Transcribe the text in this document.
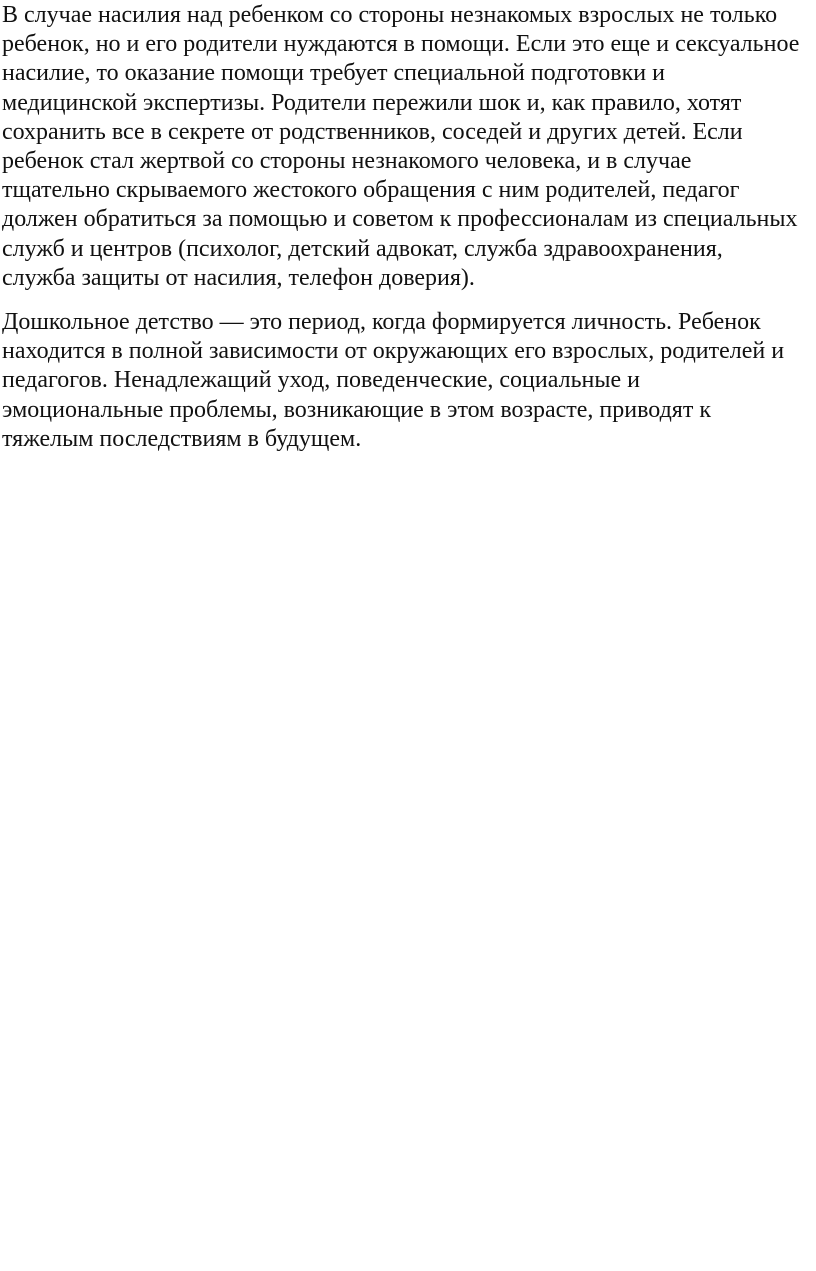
В случае насилия над ребенком со стороны незнакомых взрослых не только
ребенок, но и его родители нуждаются в помощи. Если это еще и сексуальное
насилие, то оказание помощи требует специальной подготовки и
медицинской экспертизы. Родители пережили шок и, как правило, хотят
сохранить все в секрете от родственников, соседей и других детей. Если
ребенок стал жертвой со стороны незнакомого человека, и в случае
тщательно скрываемого жестокого обращения с ним родителей, педагог
должен обратиться за помощью и советом к профессионалам из специальных
служб и центров (психолог, детский адвокат, служба здравоохранения,
служба защиты от насилия, телефон доверия).

Дошкольное детство — это период, когда формируется личность. Ребенок
находится в полной зависимости от окружающих его взрослых, родителей и
педагогов. Ненадлежащий уход, поведенческие, социальные и
эмоциональные проблемы, возникающие в этом возрасте, приводят к
тяжелым последствиям в будущем.
